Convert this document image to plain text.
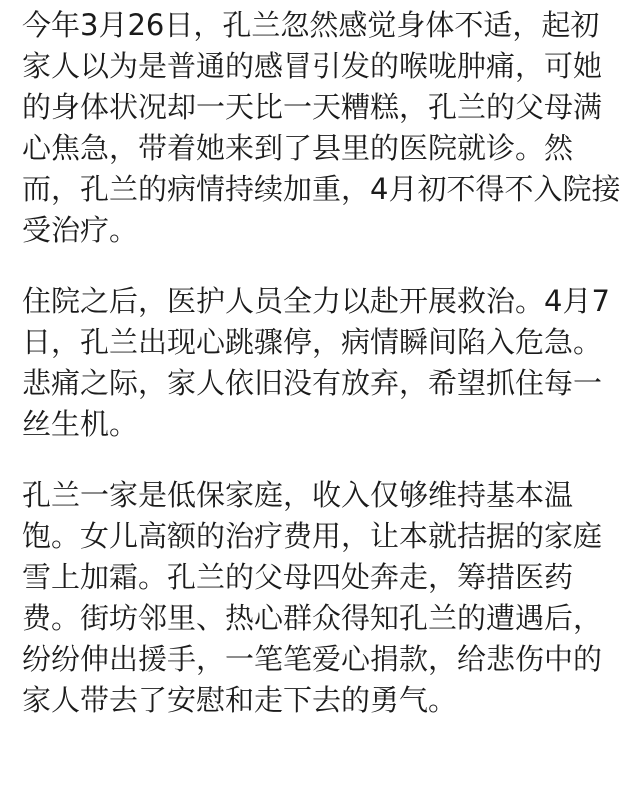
今年3月26日，孔兰忽然感觉身体不适，起初
家人以为是普通的感冒引发的喉咙肿痛，可她
的身体状况却一天比一天糟糕，孔兰的父母满
心焦急，带着她来到了县里的医院就诊。然
而，孔兰的病情持续加重，4月初不得不入院接
受治疗。
住院之后，医护人员全力以赴开展救治。4月7
日，孔兰出现心跳骤停，病情瞬间陷入危急。
悲痛之际，家人依旧没有放弃，希望抓住每一
丝生机。
孔兰一家是低保家庭，收入仅够维持基本温
饱。女儿高额的治疗费用，让本就拮据的家庭
雪上加霜。孔兰的父母四处奔走，筹措医药
费。街坊邻里、热心群众得知孔兰的遭遇后，
纷纷伸出援手，一笔笔爱心捐款，给悲伤中的
家人带去了安慰和走下去的勇气。
